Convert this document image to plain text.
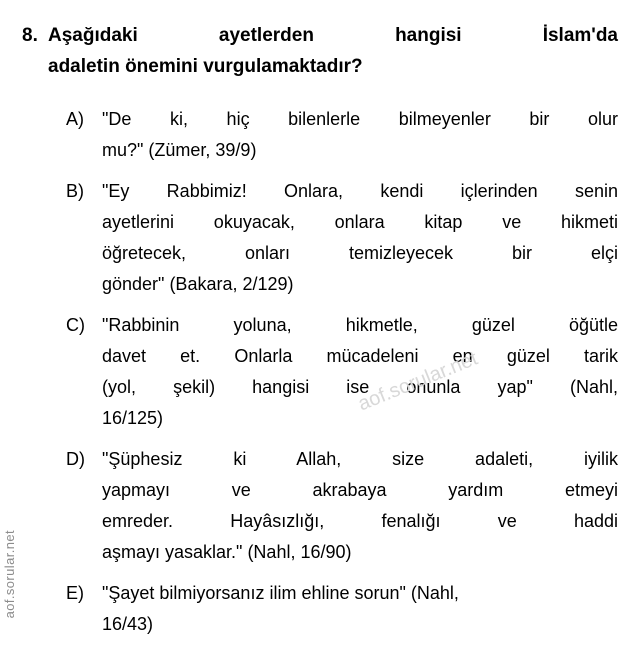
8. Aşağıdaki ayetlerden hangisi İslam'da
adaletin önemini vurgulamaktadır?
A)	"De ki, hiç bilenlerle bilmeyenler bir olur
mu?" (Zümer, 39/9)
B)	"Ey Rabbimiz! Onlara, kendi içlerinden senin
ayetlerini okuyacak, onlara kitap ve hikmeti
öğretecek, onları temizleyecek bir elçi
gönder" (Bakara, 2/129)
C) "Rabbinin yoluna, hikmetle, güzel öğütle
davet et. Onlarla mücadeleni en güzel tarik
(yol, şekil) hangisi ise onunla yap" (Nahl,
16/125)
D) "Şüphesiz ki Allah, size adaleti, iyilik
yapmayı ve akrabaya yardım etmeyi
emreder. Hayâsızlığı, fenalığı ve haddi
aşmayı yasaklar." (Nahl, 16/90)
E)	"Şayet bilmiyorsanız ilim ehline sorun" (Nahl,
16/43)
aof.sorular.net
aof.sorular.net
